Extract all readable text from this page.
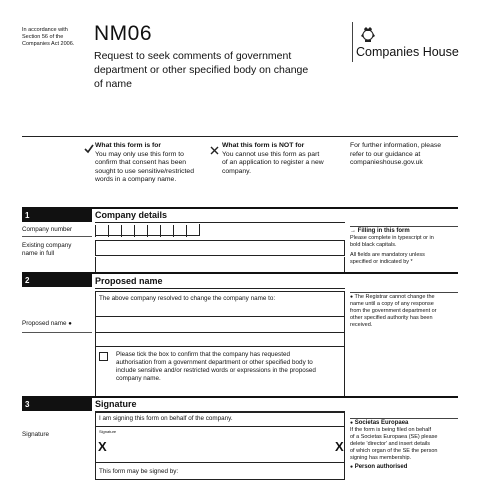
In accordance with
Section 56 of the
Companies Act 2006. NM06
Request to seek comments of government
department or other specified body on change
of name
Companies House
What this form is for
You may only use this form to
confirm that consent has been
sought to use sensitive/restricted
words in a company name.
What this form is NOT for
You cannot use this form as part
of an application to register a new
company.
For further information, please
refer to our guidance at
companieshouse.gov.uk
1	Company details
Company number
Existing company
name in full
→ Filling in this form
Please complete in typescript or in
bold black capitals.
All fields are mandatory unless
specified or indicated by *
2	Proposed name
The above company resolved to change the company name to:
Proposed name ●
Please tick the box to confirm that the company has requested
authorisation from a government department or other specified body to
include sensitive and/or restricted words or expressions in the proposed
company name.
● The Registrar cannot change the
name until a copy of any response
from the government department or
other specified authority has been
received.
3	Signature
I am signing this form on behalf of the company.
Signature	Signature
X	X
This form may be signed by:
● Societas Europaea
If the form is being filed on behalf
of a Societas Europaea (SE) please
delete 'director' and insert details
of which organ of the SE the person
signing has membership.
● Person authorised
